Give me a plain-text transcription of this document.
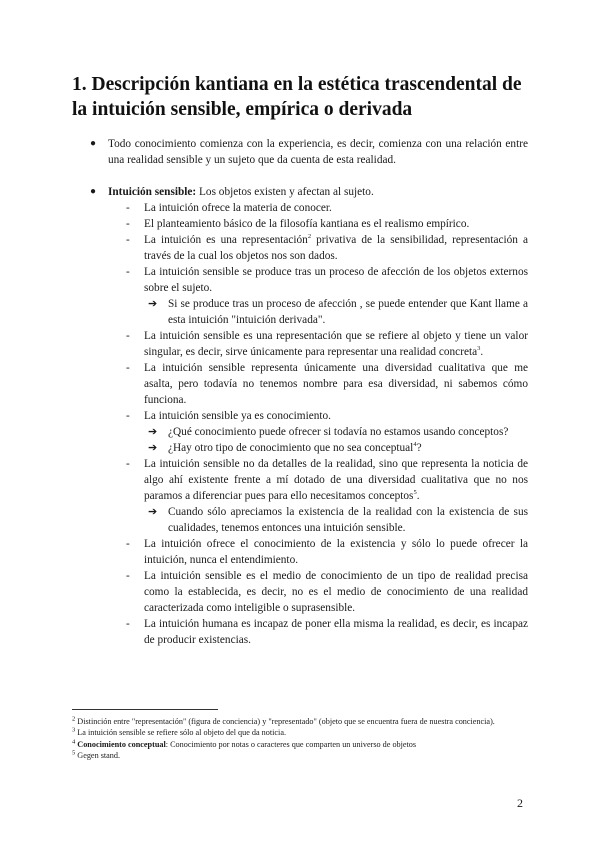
1. Descripción kantiana en la estética trascendental de la intuición sensible, empírica o derivada
● Todo conocimiento comienza con la experiencia, es decir, comienza con una relación entre una realidad sensible y un sujeto que da cuenta de esta realidad.
● Intuición sensible: Los objetos existen y afectan al sujeto.

- La intuición ofrece la materia de conocer.

- El planteamiento básico de la filosofía kantiana es el realismo empírico.

- La intuición es una representación$^2$ privativa de la sensibilidad, representación a través de la cual los objetos nos son dados.

- La intuición sensible se produce tras un proceso de afección de los objetos externos sobre el sujeto.

➔ Si se produce tras un proceso de afección , se puede entender que Kant llame a esta intuición "intuición derivada".

- La intuición sensible es una representación que se refiere al objeto y tiene un valor singular, es decir, sirve únicamente para representar una realidad concreta$^3$.

- La intuición sensible representa únicamente una diversidad cualitativa que me asalta, pero todavía no tenemos nombre para esa diversidad, ni sabemos cómo funciona.

- La intuición sensible ya es conocimiento.

➔ ¿Qué conocimiento puede ofrecer si todavía no estamos usando conceptos?

➔ ¿Hay otro tipo de conocimiento que no sea conceptual$^4$?

- La intuición sensible no da detalles de la realidad, sino que representa la noticia de algo ahí existente frente a mí dotado de una diversidad cualitativa que no nos paramos a diferenciar pues para ello necesitamos conceptos$^5$.

➔ Cuando sólo apreciamos la existencia de la realidad con la existencia de sus cualidades, tenemos entonces una intuición sensible.

- La intuición ofrece el conocimiento de la existencia y sólo lo puede ofrecer la intuición, nunca el entendimiento.

- La intuición sensible es el medio de conocimiento de un tipo de realidad precisa como la establecida, es decir, no es el medio de conocimiento de una realidad caracterizada como inteligible o suprasensible.

- La intuición humana es incapaz de poner ella misma la realidad, es decir, es incapaz de producir existencias.

$^2$ Distinción entre "representación" (figura de conciencia) y "representado" (objeto que se encuentra fuera de nuestra conciencia).

$^3$ La intuición sensible se refiere sólo al objeto del que da noticia.

$^4$ Conocimiento conceptual: Conocimiento por notas o caracteres que comparten un universo de objetos

$^5$ Gegen stand.

2
